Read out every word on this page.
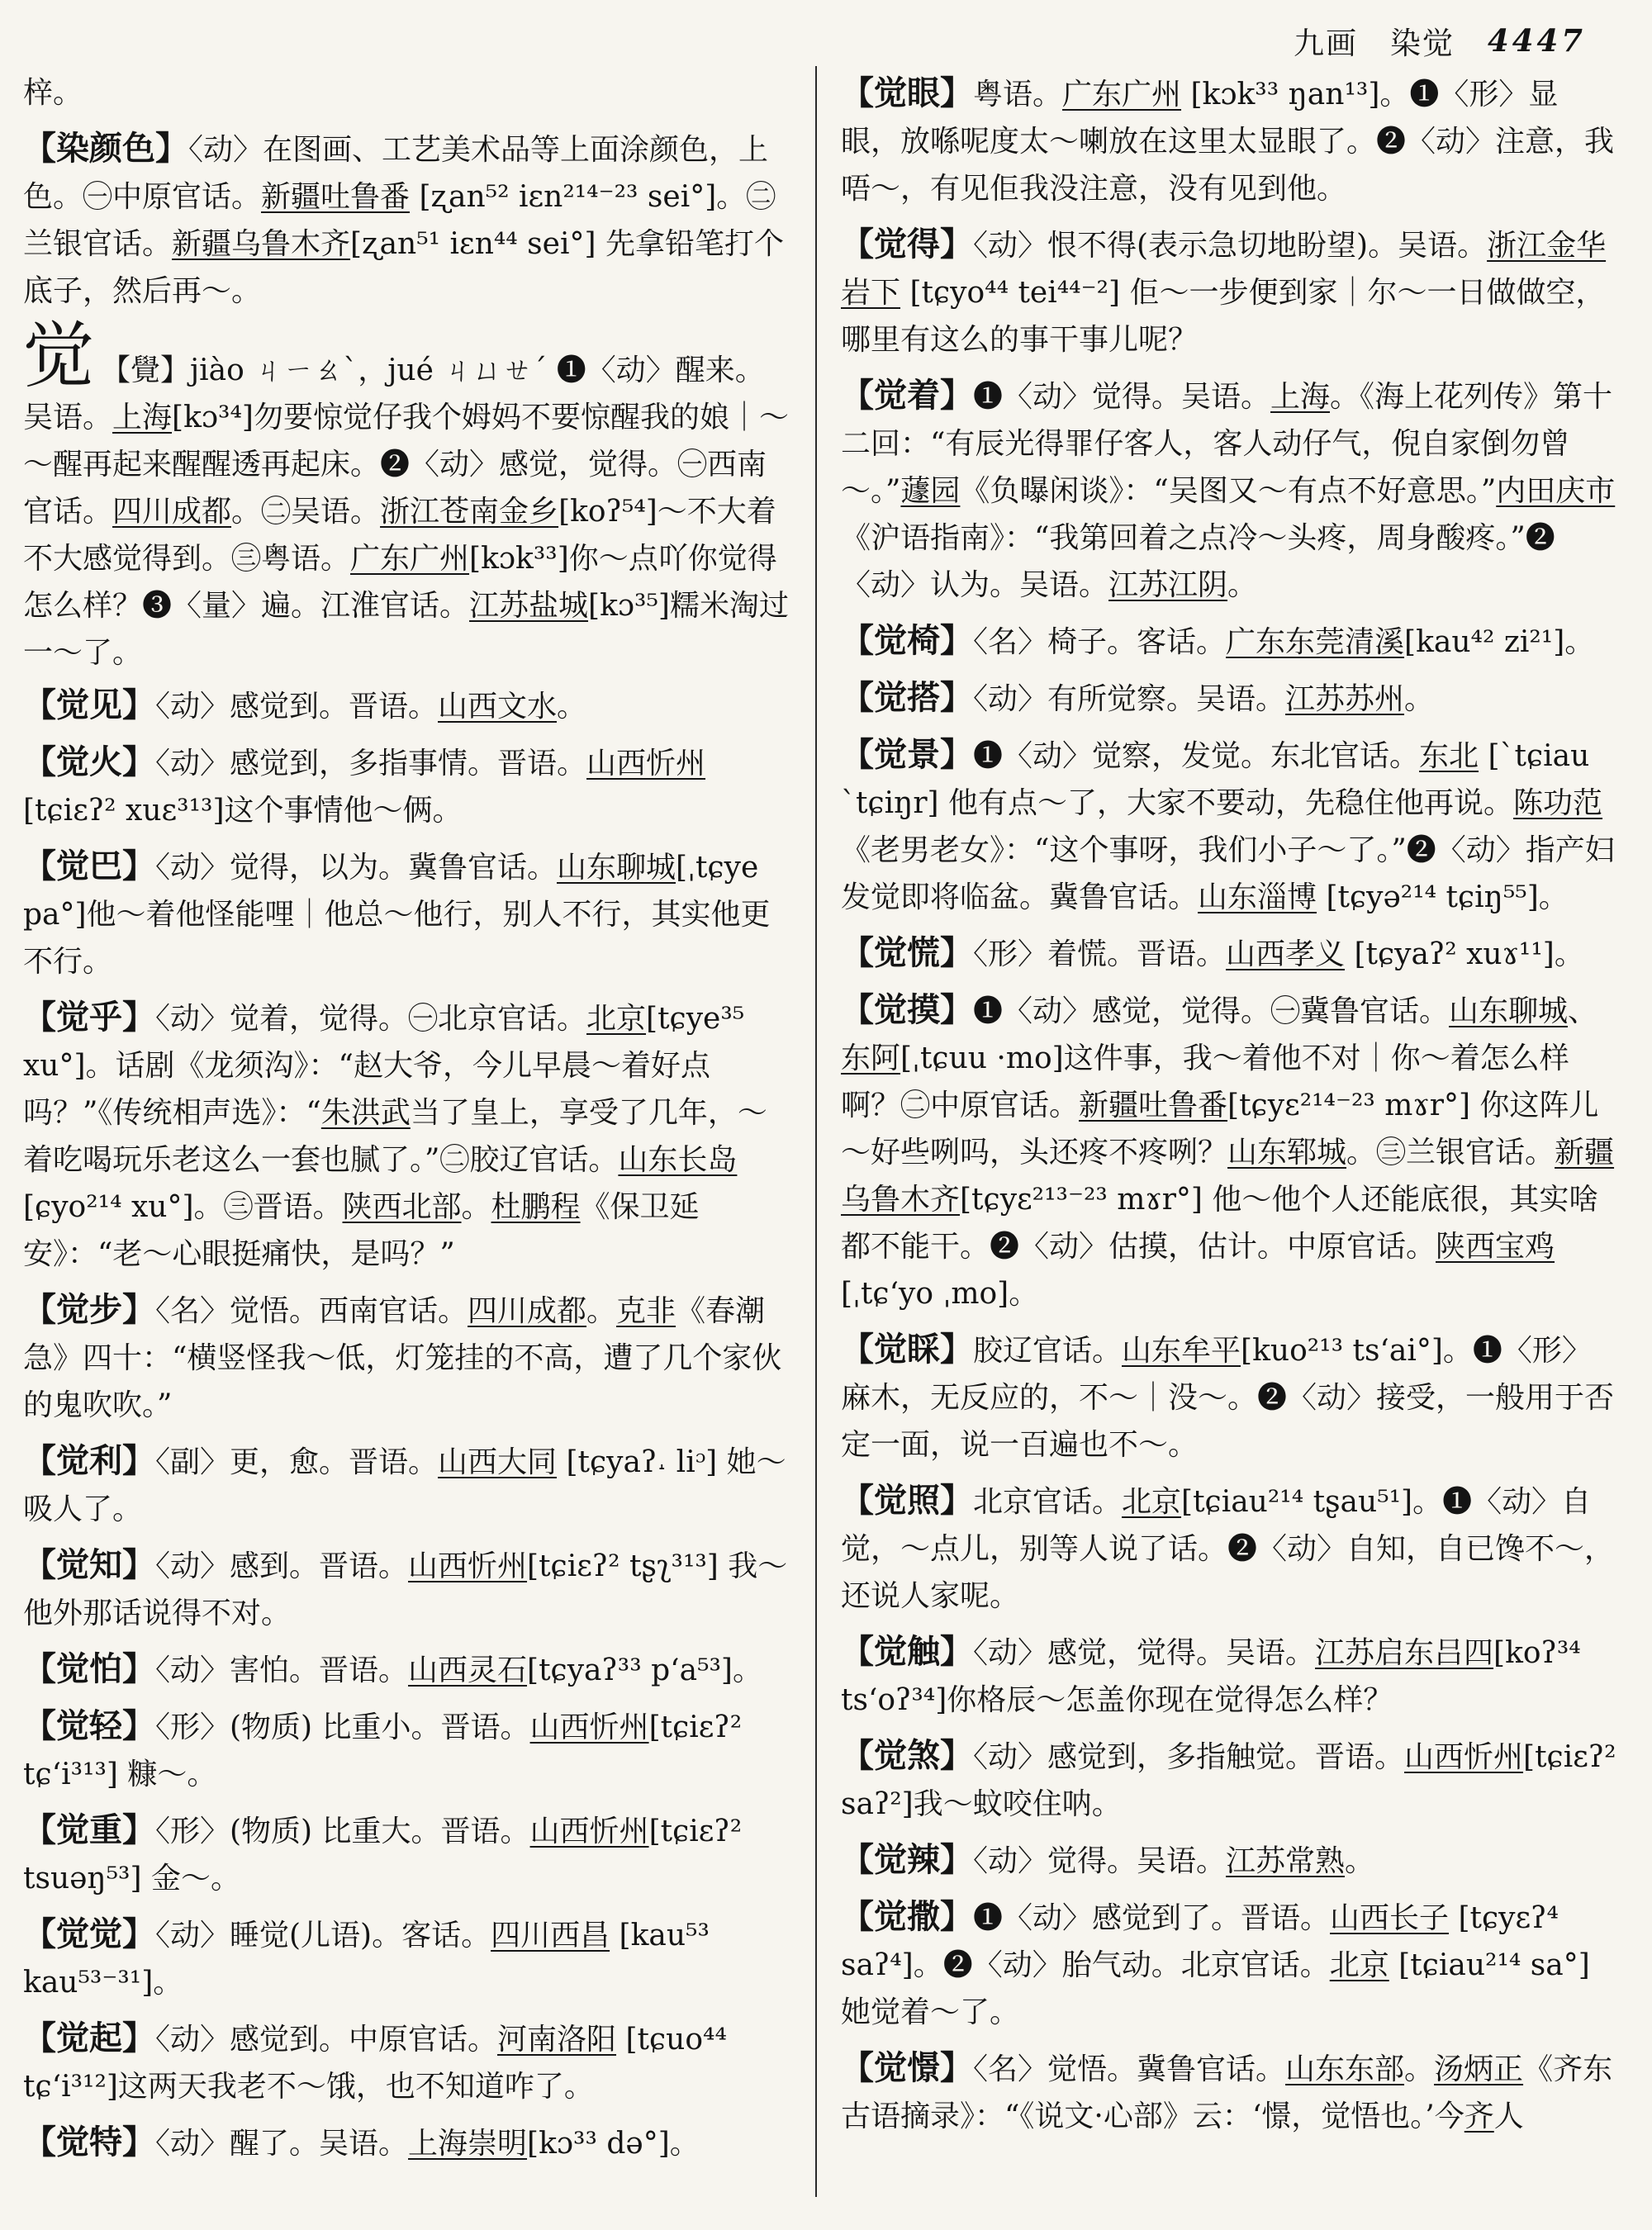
九画　染觉 4447

梓。

【染颜色】〈动〉在图画、工艺美术品等上面涂颜色，上色。㊀中原官话。新疆吐鲁番 [ʐan⁵² iɛn²¹⁴⁻²³ sei°]。㊁兰银官话。新疆乌鲁木齐[ʐan⁵¹ iɛn⁴⁴ sei°] 先拿铅笔打个底子，然后再～。
觉 【覺】jiào ㄐㄧㄠˋ，jué ㄐㄩㄝˊ ❶〈动〉醒来。吴语。上海[kɔ³⁴]勿要惊觉仔我个姆妈不要惊醒我的娘｜～～醒再起来醒醒透再起床。❷〈动〉感觉，觉得。㊀西南官话。四川成都。㊁吴语。浙江苍南金乡[koʔ⁵⁴]～不大着不大感觉得到。㊂粤语。广东广州[kɔk³³]你～点吖你觉得怎么样？❸〈量〉遍。江淮官话。江苏盐城[kɔ³⁵]糯米淘过一～了。
【觉见】〈动〉感觉到。晋语。山西文水。
【觉火】〈动〉感觉到，多指事情。晋语。山西忻州[tɕiɛʔ² xuɛ³¹³]这个事情他～俩。
【觉巴】〈动〉觉得，以为。冀鲁官话。山东聊城[ˌtɕye pa°]他～着他怪能哩｜他总～他行，别人不行，其实他更不行。
【觉乎】〈动〉觉着，觉得。㊀北京官话。北京[tɕye³⁵ xu°]。话剧《龙须沟》：“赵大爷，今儿早晨～着好点吗？”《传统相声选》：“朱洪武当了皇上，享受了几年，～着吃喝玩乐老这么一套也腻了。”㊁胶辽官话。山东长岛[ɕyo²¹⁴ xu°]。㊂晋语。陕西北部。杜鹏程《保卫延安》：“老～心眼挺痛快，是吗？”
【觉步】〈名〉觉悟。西南官话。四川成都。克非《春潮急》四十：“横竖怪我～低，灯笼挂的不高，遭了几个家伙的鬼吹吹。”
【觉利】〈副〉更，愈。晋语。山西大同 [tɕyaʔ˔ liᵓ] 她～吸人了。
【觉知】〈动〉感到。晋语。山西忻州[tɕiɛʔ² tʂʅ³¹³] 我～他外那话说得不对。
【觉怕】〈动〉害怕。晋语。山西灵石[tɕyaʔ³³ pʻa⁵³]。
【觉轻】〈形〉(物质) 比重小。晋语。山西忻州[tɕiɛʔ² tɕʻi³¹³] 糠～。
【觉重】〈形〉(物质) 比重大。晋语。山西忻州[tɕiɛʔ² tsuəŋ⁵³] 金～。
【觉觉】〈动〉睡觉(儿语)。客话。四川西昌 [kau⁵³ kau⁵³⁻³¹]。
【觉起】〈动〉感觉到。中原官话。河南洛阳 [tɕuo⁴⁴ tɕʻi³¹²]这两天我老不～饿，也不知道咋了。
【觉特】〈动〉醒了。吴语。上海崇明[kɔ³³ də°]。
【觉眼】粤语。广东广州 [kɔk³³ ŋan¹³]。❶〈形〉显眼，放喺呢度太～喇放在这里太显眼了。❷〈动〉注意，我唔～，有见佢我没注意，没有见到他。
【觉得】〈动〉恨不得(表示急切地盼望)。吴语。浙江金华岩下 [tɕyo⁴⁴ tei⁴⁴⁻²] 佢～一步便到家｜尔～一日做做空，哪里有这么的事干事儿呢？
【觉着】❶〈动〉觉得。吴语。上海。《海上花列传》第十二回：“有辰光得罪仔客人，客人动仔气，倪自家倒勿曾～。”蘧园《负曝闲谈》：“吴图又～有点不好意思。”内田庆市《沪语指南》：“我第回着之点冷～头疼，周身酸疼。”❷〈动〉认为。吴语。江苏江阴。
【觉椅】〈名〉椅子。客话。广东东莞清溪[kau⁴² zi²¹]。
【觉搭】〈动〉有所觉察。吴语。江苏苏州。
【觉景】❶〈动〉觉察，发觉。东北官话。东北 [ˋtɕiau ˋtɕiŋr] 他有点～了，大家不要动，先稳住他再说。陈功范《老男老女》：“这个事呀，我们小子～了。”❷〈动〉指产妇发觉即将临盆。冀鲁官话。山东淄博 [tɕyə²¹⁴ tɕiŋ⁵⁵]。
【觉慌】〈形〉着慌。晋语。山西孝义 [tɕyaʔ² xuɤ¹¹]。
【觉摸】❶〈动〉感觉，觉得。㊀冀鲁官话。山东聊城、东阿[ˌtɕuu ·mo]这件事，我～着他不对｜你～着怎么样啊？㊁中原官话。新疆吐鲁番[tɕyɛ²¹⁴⁻²³ mɤr°] 你这阵儿～好些咧吗，头还疼不疼咧？山东郓城。㊂兰银官话。新疆乌鲁木齐[tɕyɛ²¹³⁻²³ mɤr°] 他～他个人还能底很，其实啥都不能干。❷〈动〉估摸，估计。中原官话。陕西宝鸡[ˌtɕʻyo ˌmo]。
【觉睬】胶辽官话。山东牟平[kuo²¹³ tsʻai°]。❶〈形〉麻木，无反应的，不～｜没～。❷〈动〉接受，一般用于否定一面，说一百遍也不～。
【觉照】北京官话。北京[tɕiau²¹⁴ tʂau⁵¹]。❶〈动〉自觉，～点儿，别等人说了话。❷〈动〉自知，自已馋不～，还说人家呢。
【觉触】〈动〉感觉，觉得。吴语。江苏启东吕四[koʔ³⁴ tsʻoʔ³⁴]你格辰～怎盖你现在觉得怎么样？
【觉煞】〈动〉感觉到，多指触觉。晋语。山西忻州[tɕiɛʔ² saʔ²]我～蚊咬住呐。
【觉辣】〈动〉觉得。吴语。江苏常熟。
【觉撒】❶〈动〉感觉到了。晋语。山西长子 [tɕyɛʔ⁴ saʔ⁴]。❷〈动〉胎气动。北京官话。北京 [tɕiau²¹⁴ sa°] 她觉着～了。
【觉憬】〈名〉觉悟。冀鲁官话。山东东部。汤炳正《齐东古语摘录》：“《说文·心部》云：‘憬，觉悟也。’今齐人
